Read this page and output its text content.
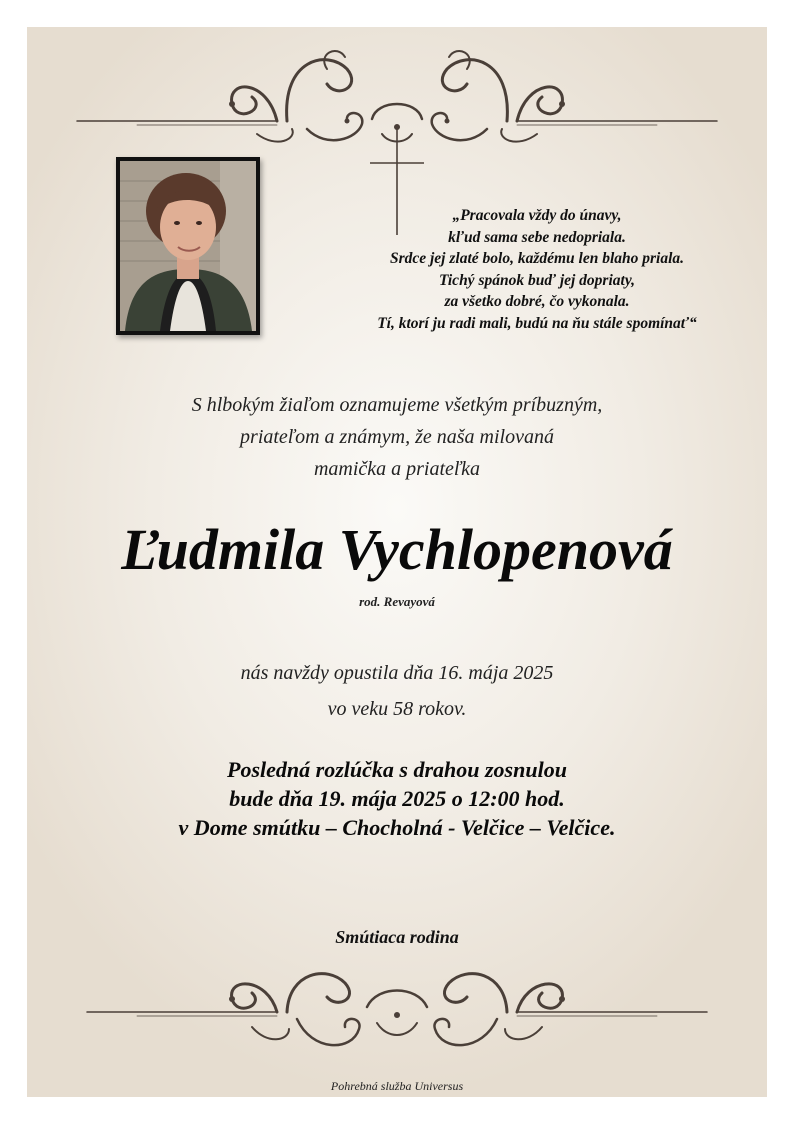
„Pracovala vždy do únavy,
kľud sama sebe nedopriala.
Srdce jej zlaté bolo, každému len blaho priala.
Tichý spánok buď jej dopriaty,
za všetko dobré, čo vykonala.
Tí, ktorí ju radi mali, budú na ňu stále spomínať“
S hlbokým žiaľom oznamujeme všetkým príbuzným,
priateľom a známym, že naša milovaná
mamička a priateľka
Ľudmila Vychlopenová
rod. Revayová
nás navždy opustila dňa 16. mája 2025
vo veku 58 rokov.
Posledná rozlúčka s drahou zosnulou
bude dňa 19. mája 2025 o 12:00 hod.
v Dome smútku – Chocholná - Velčice – Velčice.
Smútiaca rodina
Pohrebná služba Universus
